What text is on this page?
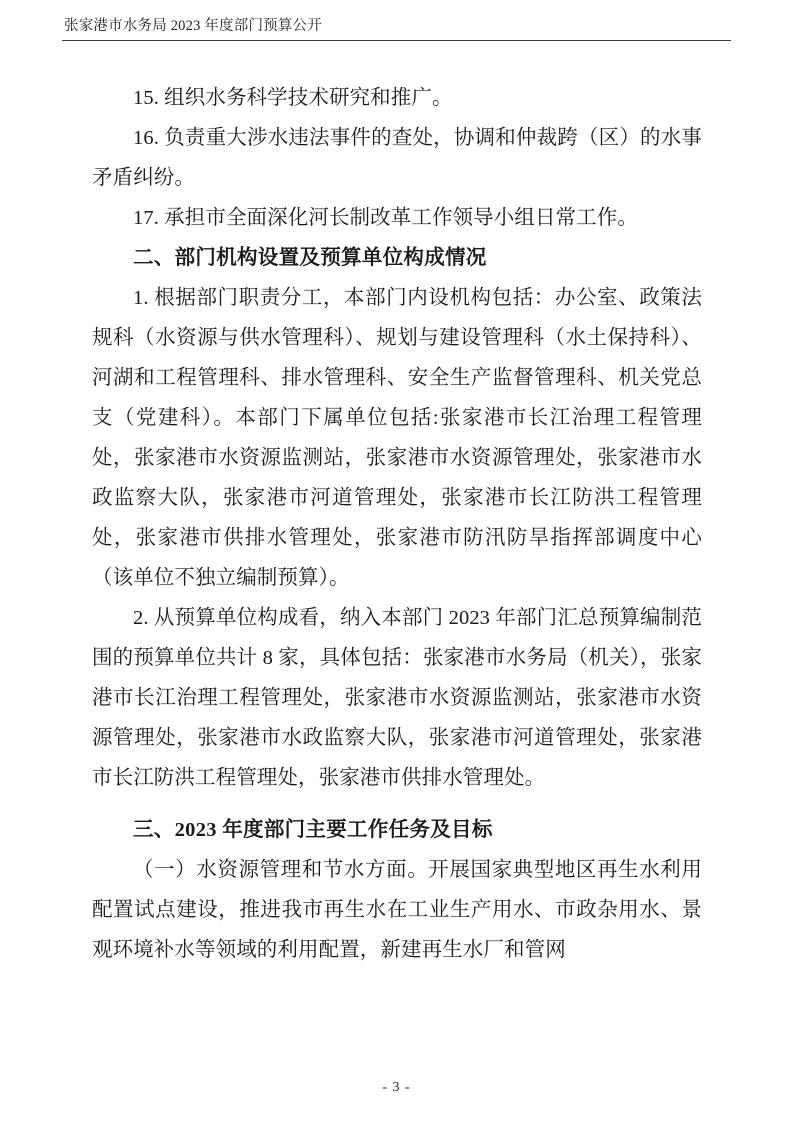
张家港市水务局 2023 年度部门预算公开

15. 组织水务科学技术研究和推广。

16. 负责重大涉水违法事件的查处，协调和仲裁跨（区）的水事矛盾纠纷。

17. 承担市全面深化河长制改革工作领导小组日常工作。

二、部门机构设置及预算单位构成情况

1. 根据部门职责分工，本部门内设机构包括：办公室、政策法规科（水资源与供水管理科）、规划与建设管理科（水土保持科）、河湖和工程管理科、排水管理科、安全生产监督管理科、机关党总支（党建科）。本部门下属单位包括:张家港市长江治理工程管理处，张家港市水资源监测站，张家港市水资源管理处，张家港市水政监察大队，张家港市河道管理处，张家港市长江防洪工程管理处，张家港市供排水管理处，张家港市防汛防旱指挥部调度中心（该单位不独立编制预算）。

2. 从预算单位构成看，纳入本部门 2023 年部门汇总预算编制范围的预算单位共计 8 家，具体包括：张家港市水务局（机关），张家港市长江治理工程管理处，张家港市水资源监测站，张家港市水资源管理处，张家港市水政监察大队，张家港市河道管理处，张家港市长江防洪工程管理处，张家港市供排水管理处。

三、2023 年度部门主要工作任务及目标

（一）水资源管理和节水方面。开展国家典型地区再生水利用配置试点建设，推进我市再生水在工业生产用水、市政杂用水、景观环境补水等领域的利用配置，新建再生水厂和管网

- 3 -
